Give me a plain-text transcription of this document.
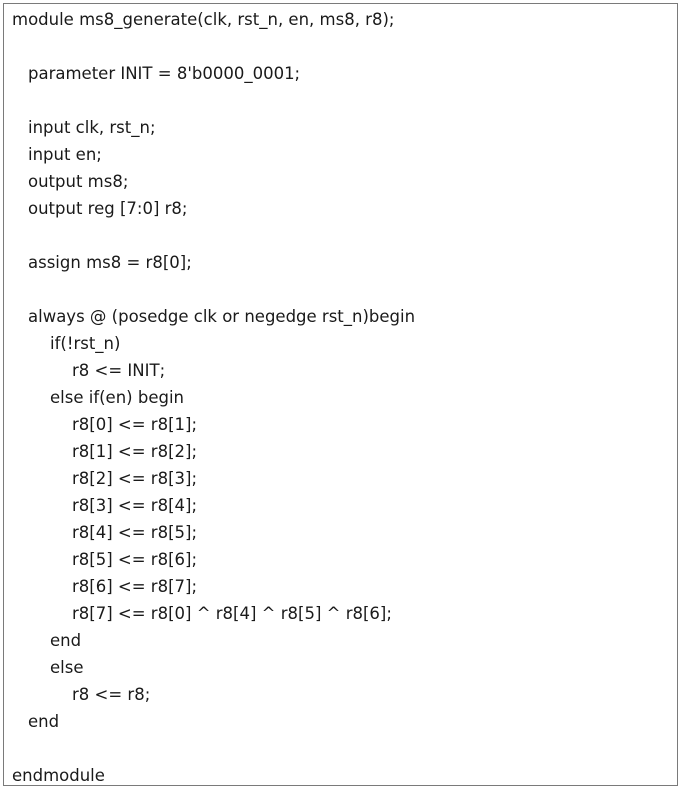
module ms8_generate(clk, rst_n, en, ms8, r8);
parameter INIT = 8'b0000_0001;
input clk, rst_n;
input en;
output ms8;
output reg [7:0] r8;
assign ms8 = r8[0];
always @ (posedge clk or negedge rst_n)begin
if(!rst_n)
r8 <= INIT;
else if(en) begin
r8[0] <= r8[1];
r8[1] <= r8[2];
r8[2] <= r8[3];
r8[3] <= r8[4];
r8[4] <= r8[5];
r8[5] <= r8[6];
r8[6] <= r8[7];
r8[7] <= r8[0] ^ r8[4] ^ r8[5] ^ r8[6];
end
else
r8 <= r8;
end
endmodule
